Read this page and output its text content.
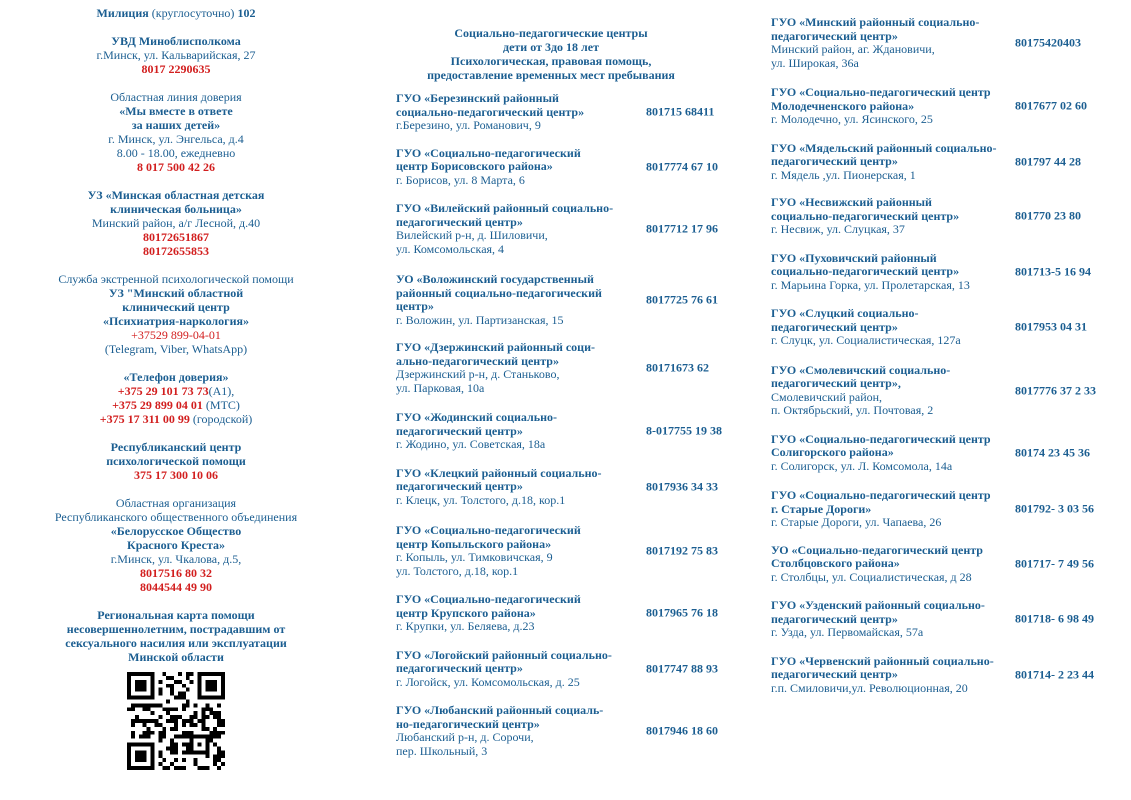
Милиция (круглосуточно) 102
УВД Миноблисполкома
г.Минск, ул. Кальварийская, 27
8017 2290635
Областная линия доверия
«Мы вместе в ответе
за наших детей»
г. Минск, ул. Энгельса, д.4
8.00 - 18.00, ежедневно
8 017 500 42 26
УЗ «Минская областная детская
клиническая больница»
Минский район, а/г Лесной, д.40
80172651867
80172655853
Служба экстренной психологической помощи
УЗ "Минский областной
клинический центр
«Психиатрия-наркология»
+37529 899-04-01
(Telegram, Viber, WhatsApp)
«Телефон доверия»
+375 29 101 73 73(А1),
+375 29 899 04 01 (МТС)
+375 17 311 00 99 (городской)
Республиканский центр
психологической помощи
375 17 300 10 06
Областная организация
Республиканского общественного объединения
«Белорусское Общество
Красного Креста»
г.Минск, ул. Чкалова, д.5,
8017516 80 32
8044544 49 90
Региональная карта помощи
несовершеннолетним, пострадавшим от
сексуального насилия или эксплуатации
Минской области
Социально-педагогические центры
дети от 3до 18 лет
Психологическая, правовая помощь,
предоставление временных мест пребывания
ГУО «Березинский районный
социально-педагогический центр»
г.Березино, ул. Романович, 9
801715 68411
ГУО «Социально-педагогический
центр Борисовского района»
г. Борисов, ул. 8 Марта, 6
8017774 67 10
ГУО «Вилейский районный социально-
педагогический центр»
Вилейский р-н, д. Шиловичи,
ул. Комсомольская, 4
8017712 17 96
УО «Воложинский государственный
районный социально-педагогический
центр»
г. Воложин, ул. Партизанская, 15
8017725 76 61
ГУО «Дзержинский районный соци-
ально-педагогический центр»
Дзержинский р-н, д. Станьково,
ул. Парковая, 10а
80171673 62
ГУО «Жодинский социально-
педагогический центр»
г. Жодино, ул. Советская, 18а
8-017755 19 38
ГУО «Клецкий районный социально-
педагогический центр»
г. Клецк, ул. Толстого, д.18, кор.1
8017936 34 33
ГУО «Социально-педагогический
центр Копыльского района»
г. Копыль, ул. Тимковичская, 9
ул. Толстого, д.18, кор.1
8017192 75 83
ГУО «Социально-педагогический
центр Крупского района»
г. Крупки, ул. Беляева, д.23
8017965 76 18
ГУО «Логойский районный социально-
педагогический центр»
г. Логойск, ул. Комсомольская, д. 25
8017747 88 93
ГУО «Любанский районный социаль-
но-педагогический центр»
Любанский р-н, д. Сорочи,
пер. Школьный, 3
8017946 18 60
ГУО «Минский районный социально-
педагогический центр»
Минский район, аг. Ждановичи,
ул. Широкая, 36а
80175420403
ГУО «Социально-педагогический центр
Молодечненского района»
г. Молодечно, ул. Ясинского, 25
8017677 02 60
ГУО «Мядельский районный социально-
педагогический центр»
г. Мядель ,ул. Пионерская, 1
801797 44 28
ГУО «Несвижский районный
социально-педагогический центр»
г. Несвиж, ул. Слуцкая, 37
801770 23 80
ГУО «Пуховичский районный
социально-педагогический центр»
г. Марьина Горка, ул. Пролетарская, 13
801713-5 16 94
ГУО «Слуцкий социально-
педагогический центр»
г. Слуцк, ул. Социалистическая, 127а
8017953 04 31
ГУО «Смолевичский социально-
педагогический центр»,
Смолевичский район,
п. Октябрьский, ул. Почтовая, 2
8017776 37 2 33
ГУО «Социально-педагогический центр
Солигорского района»
г. Солигорск, ул. Л. Комсомола, 14а
80174 23 45 36
ГУО «Социально-педагогический центр
г. Старые Дороги»
г. Старые Дороги, ул. Чапаева, 26
801792- 3 03 56
УО «Социально-педагогический центр
Столбцовского района»
г. Столбцы, ул. Социалистическая, д 28
801717- 7 49 56
ГУО «Узденский районный социально-
педагогический центр»
г. Узда, ул. Первомайская, 57а
801718- 6 98 49
ГУО «Червенский районный социально-
педагогический центр»
г.п. Смиловичи,ул. Революционная, 20
801714- 2 23 44
